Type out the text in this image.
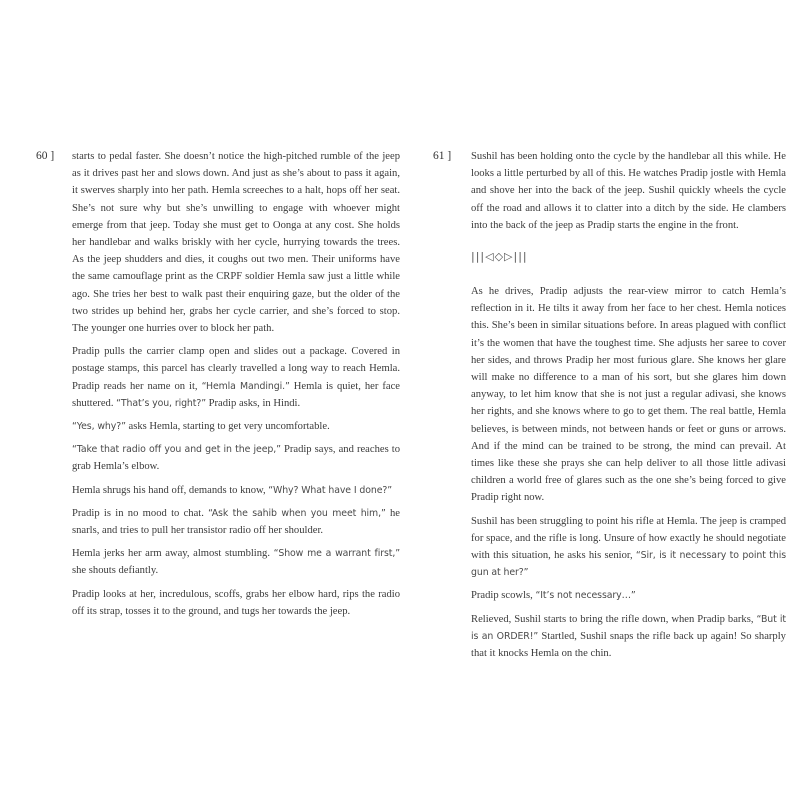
60 ] starts to pedal faster. She doesn’t notice the high-pitched rumble of the jeep as it drives past her and slows down. And just as she’s about to pass it again, it swerves sharply into her path. Hemla screeches to a halt, hops off her seat. She’s not sure why but she’s unwilling to engage with whoever might emerge from that jeep. Today she must get to Oonga at any cost. She holds her handlebar and walks briskly with her cycle, hurrying towards the trees. As the jeep shudders and dies, it coughs out two men. Their uniforms have the same camouflage print as the CRPF soldier Hemla saw just a little while ago. She tries her best to walk past their enquiring gaze, but the older of the two strides up behind her, grabs her cycle carrier, and she’s forced to stop. The younger one hurries over to block her path.

Pradip pulls the carrier clamp open and slides out a package. Covered in postage stamps, this parcel has clearly travelled a long way to reach Hemla. Pradip reads her name on it, “Hemla Mandingi.” Hemla is quiet, her face shuttered. “That’s you, right?” Pradip asks, in Hindi.

“Yes, why?” asks Hemla, starting to get very uncomfortable.

“Take that radio off you and get in the jeep,” Pradip says, and reaches to grab Hemla’s elbow.

Hemla shrugs his hand off, demands to know, “Why? What have I done?”

Pradip is in no mood to chat. “Ask the sahib when you meet him,” he snarls, and tries to pull her transistor radio off her shoulder.

Hemla jerks her arm away, almost stumbling. “Show me a warrant first,” she shouts defiantly.

Pradip looks at her, incredulous, scoffs, grabs her elbow hard, rips the radio off its strap, tosses it to the ground, and tugs her towards the jeep.

61 ] Sushil has been holding onto the cycle by the handlebar all this while. He looks a little perturbed by all of this. He watches Pradip jostle with Hemla and shove her into the back of the jeep. Sushil quickly wheels the cycle off the road and allows it to clatter into a ditch by the side. He clambers into the back of the jeep as Pradip starts the engine in the front.

|||◁◇▷|||

As he drives, Pradip adjusts the rear-view mirror to catch Hemla’s reflection in it. He tilts it away from her face to her chest. Hemla notices this. She’s been in similar situations before. In areas plagued with conflict it’s the women that have the toughest time. She adjusts her saree to cover her sides, and throws Pradip her most furious glare. She knows her glare will make no difference to a man of his sort, but she glares him down anyway, to let him know that she is not just a regular adivasi, she knows her rights, and she knows where to go to get them. The real battle, Hemla believes, is between minds, not between hands or feet or guns or arrows. And if the mind can be trained to be strong, the mind can prevail. At times like these she prays she can help deliver to all those little adivasi children a world free of glares such as the one she’s being forced to give Pradip right now.

Sushil has been struggling to point his rifle at Hemla. The jeep is cramped for space, and the rifle is long. Unsure of how exactly he should negotiate with this situation, he asks his senior, “Sir, is it necessary to point this gun at her?”

Pradip scowls, “It’s not necessary…”

Relieved, Sushil starts to bring the rifle down, when Pradip barks, “But it is an ORDER!” Startled, Sushil snaps the rifle back up again! So sharply that it knocks Hemla on the chin.
